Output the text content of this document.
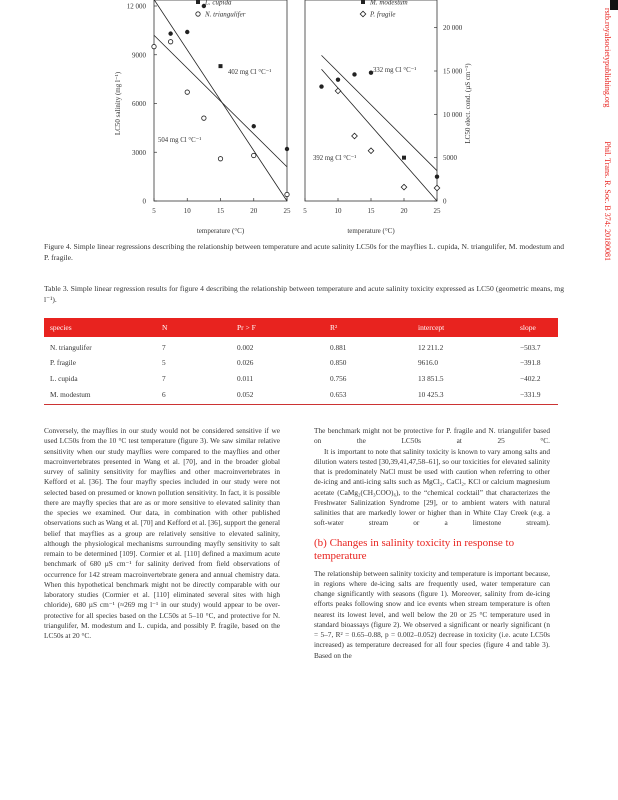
5	10	15	20	25
0
3000
6000
9000
12 000	L. cupida
N. triangulifer
402 mg Cl °C⁻¹
504 mg Cl °C⁻¹
temperature (°C)
LC50 salinity (mg l⁻¹)
5	10	15	20	25
0
5000
10 000
15 000
20 000
M. modestum
P. fragile
332 mg Cl °C⁻¹
392 mg Cl °C⁻¹
temperature (°C)
LC50 elect. cond. (µS cm⁻¹)
Figure 4. Simple linear regressions describing the relationship between temperature and acute salinity LC50s for the mayflies L. cupida, N. triangulifer, M. modestum and P. fragile.
Table 3. Simple linear regression results for figure 4 describing the relationship between temperature and acute salinity toxicity expressed as LC50 (geometric means, mg l⁻¹).
species	N	Pr > F	R²	intercept	slope
N. triangulifer	7	0.002	0.881	12 211.2	−503.7
P. fragile	5	0.026	0.850	9616.0	−391.8
L. cupida	7	0.011	0.756	13 851.5	−402.2
M. modestum	6	0.052	0.653	10 425.3	−331.9

Conversely, the mayflies in our study would not be considered sensitive if we used LC50s from the 10 °C test temperature (figure 3). We saw similar relative sensitivity when our study mayflies were compared to the mayflies and other macroinvertebrates presented in Wang et al. [70], and in the broader global survey of salinity sensitivity for mayflies and other macroinvertebrates in Kefford et al. [36]. The four mayfly species included in our study were not selected based on presumed or known pollution sensitivity. In fact, it is possible there are mayfly species that are as or more sensitive to elevated salinity than the species we examined. Our data, in combination with other published observations such as Wang et al. [70] and Kefford et al. [36], support the general belief that mayflies as a group are relatively sensitive to elevated salinity, although the physiological mechanisms surrounding mayfly sensitivity to salt remain to be determined [109]. Cormier et al. [110] defined a maximum acute benchmark of 680 µS cm⁻¹ for salinity derived from field observations of occurrence for 142 stream macroinvertebrate genera and annual chemistry data. When this hypothetical benchmark might not be directly comparable with our laboratory studies (Cormier et al. [110] eliminated several sites with high chloride), 680 µS cm⁻¹ (≈269 mg l⁻¹ in our study) would appear to be over-protective for all species based on the LC50s at 5–10 °C, and protective for N. triangulifer, M. modestum and L. cupida, and possibly P. fragile, based on the LC50s at 20 °C.

The benchmark might not be protective for P. fragile and N. triangulifer based on the LC50s at 25 °C.

It is important to note that salinity toxicity is known to vary among salts and dilution waters tested [30,39,41,47,58–61], so our toxicities for elevated salinity that is predominately NaCl must be used with caution when referring to other de-icing and anti-icing salts such as MgCl₂, CaCl₂, KCl or calcium magnesium acetate (CaMg₂(CH₃COO)₆), to the “chemical cocktail” that characterizes the Freshwater Salinization Syndrome [29], or to ambient waters with natural salinities that are markedly lower or higher than in White Clay Creek (e.g. a soft-water stream or a limestone stream).

(b) Changes in salinity toxicity in response to temperature

The relationship between salinity toxicity and temperature is important because, in regions where de-icing salts are frequently used, water temperature can change significantly with seasons (figure 1). Moreover, salinity from de-icing efforts peaks following snow and ice events when stream temperature is often nearest its lowest level, and well below the 20 or 25 °C temperature used in standard bioassays (figure 2). We observed a significant or nearly significant (n = 5–7, R² = 0.65–0.88, p = 0.002–0.052) decrease in toxicity (i.e. acute LC50s increased) as temperature decreased for all four species (figure 4 and table 3). Based on the

rstb.royalsocietypublishing.org  Phil. Trans. R. Soc. B 374: 20180081
